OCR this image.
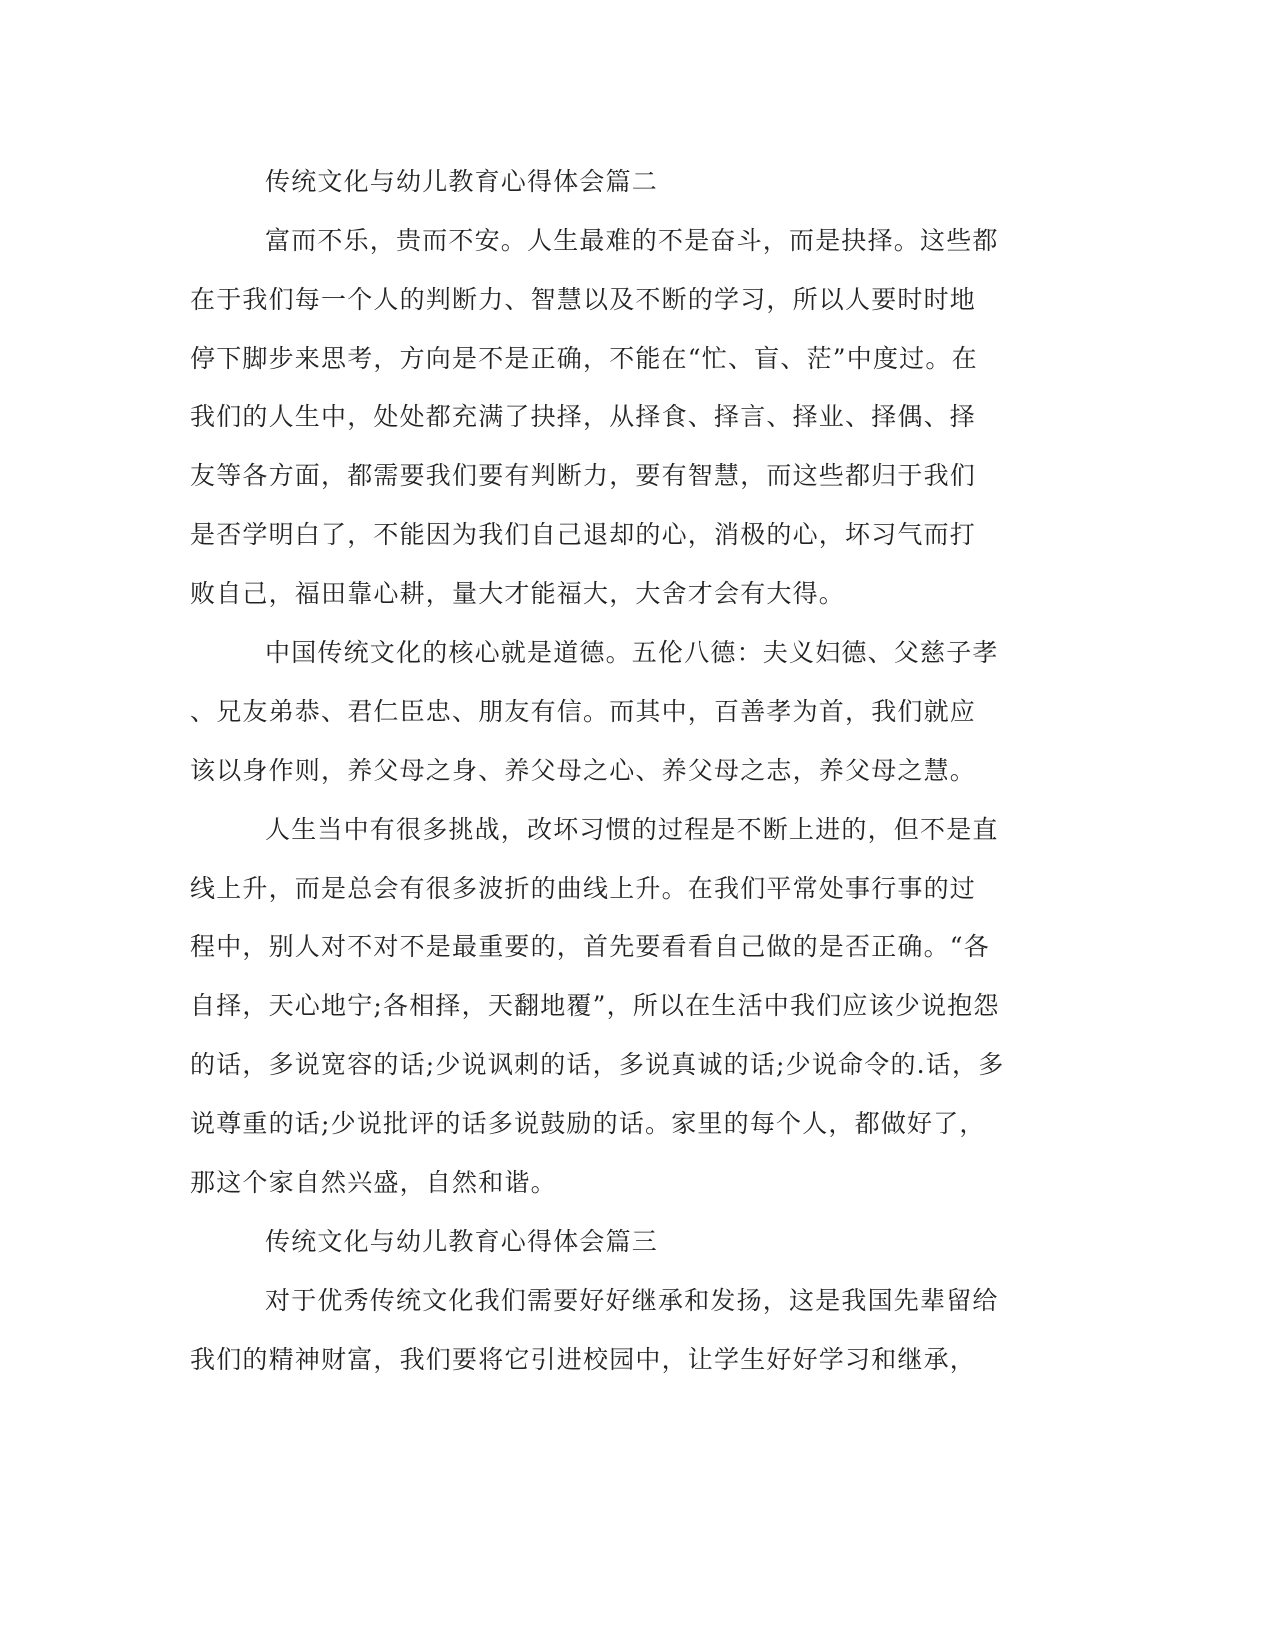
传统文化与幼儿教育心得体会篇二
富而不乐，贵而不安。人生最难的不是奋斗，而是抉择。这些都
在于我们每一个人的判断力、智慧以及不断的学习，所以人要时时地
停下脚步来思考，方向是不是正确，不能在“忙、盲、茫”中度过。在
我们的人生中，处处都充满了抉择，从择食、择言、择业、择偶、择
友等各方面，都需要我们要有判断力，要有智慧，而这些都归于我们
是否学明白了，不能因为我们自己退却的心，消极的心，坏习气而打
败自己，福田靠心耕，量大才能福大，大舍才会有大得。
中国传统文化的核心就是道德。五伦八德：夫义妇德、父慈子孝
、兄友弟恭、君仁臣忠、朋友有信。而其中，百善孝为首，我们就应
该以身作则，养父母之身、养父母之心、养父母之志，养父母之慧。
人生当中有很多挑战，改坏习惯的过程是不断上进的，但不是直
线上升，而是总会有很多波折的曲线上升。在我们平常处事行事的过
程中，别人对不对不是最重要的，首先要看看自己做的是否正确。“各
自择，天心地宁;各相择，天翻地覆”，所以在生活中我们应该少说抱怨
的话，多说宽容的话;少说讽刺的话，多说真诚的话;少说命令的.话，多
说尊重的话;少说批评的话多说鼓励的话。家里的每个人，都做好了，
那这个家自然兴盛，自然和谐。
传统文化与幼儿教育心得体会篇三
对于优秀传统文化我们需要好好继承和发扬，这是我国先辈留给
我们的精神财富，我们要将它引进校园中，让学生好好学习和继承，
